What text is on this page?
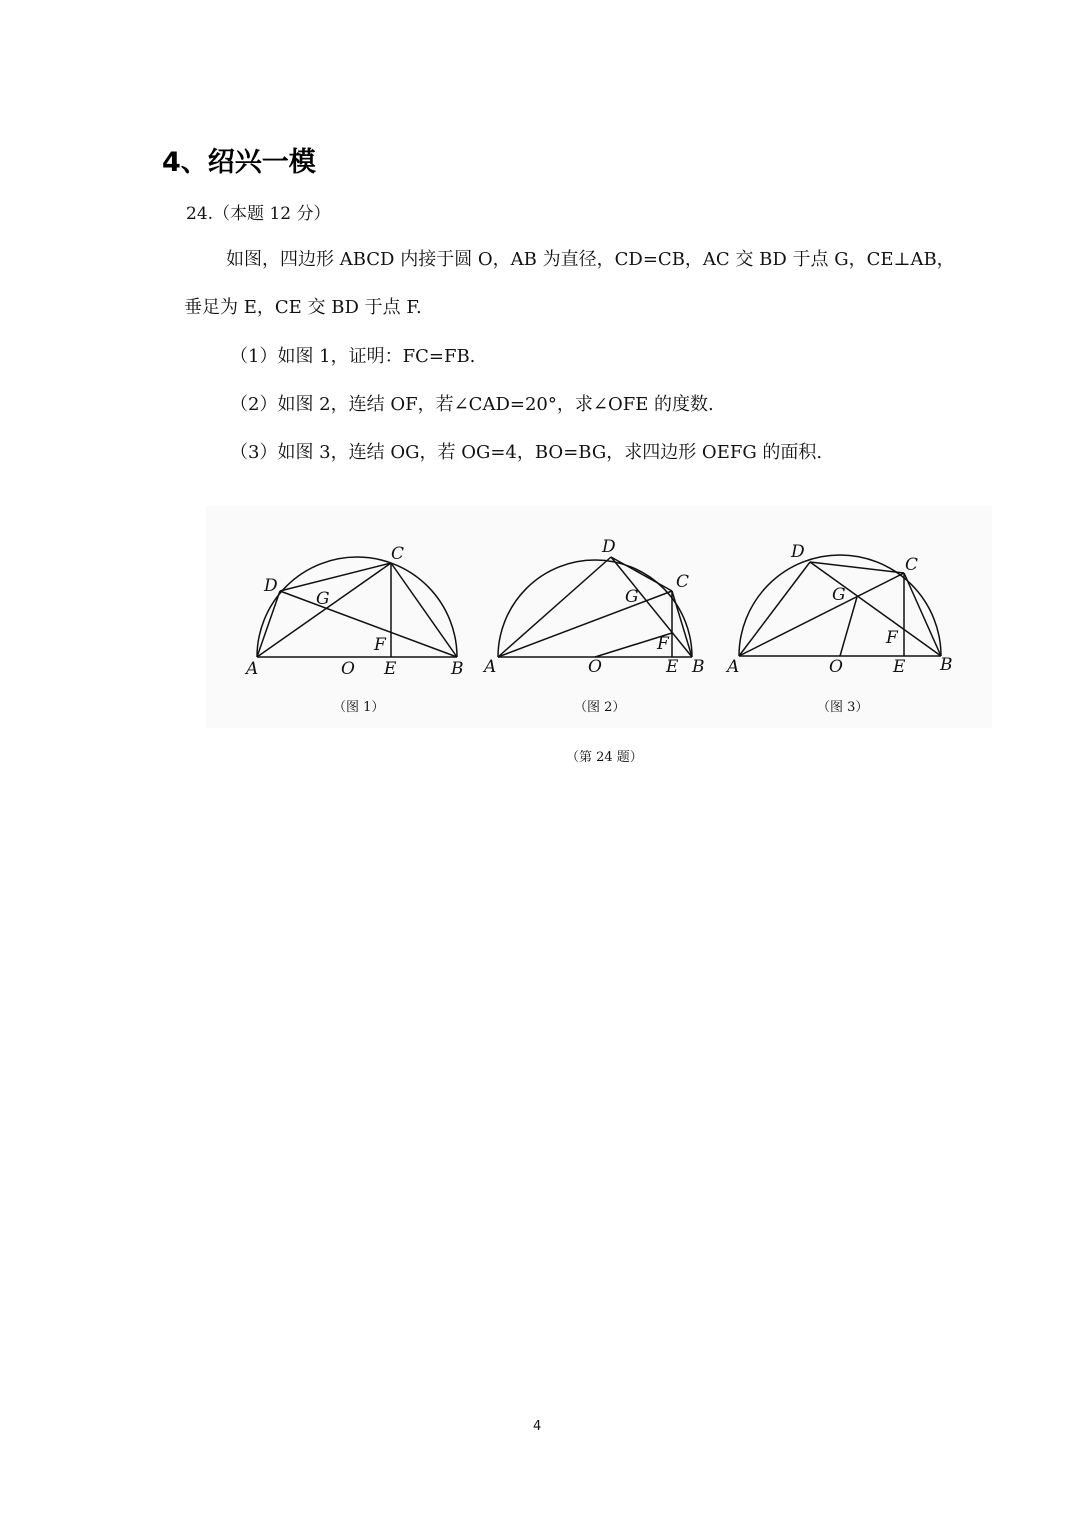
4、绍兴一模
24.（本题 12 分）
如图，四边形 ABCD 内接于圆 O，AB 为直径，CD=CB，AC 交 BD 于点 G，CE⊥AB，
垂足为 E，CE 交 BD 于点 F.
（1）如图 1，证明：FC=FB.
（2）如图 2，连结 OF，若∠CAD=20°，求∠OFE 的度数.
（3）如图 3，连结 OG，若 OG=4，BO=BG，求四边形 OEFG 的面积.
A	O E	B
D
C
G
F
A	O	E B
D
C
G
F
A	O	E B
D
C
G
F
（图 1）	（图 2）	（图 3）
（第 24 题）
4
